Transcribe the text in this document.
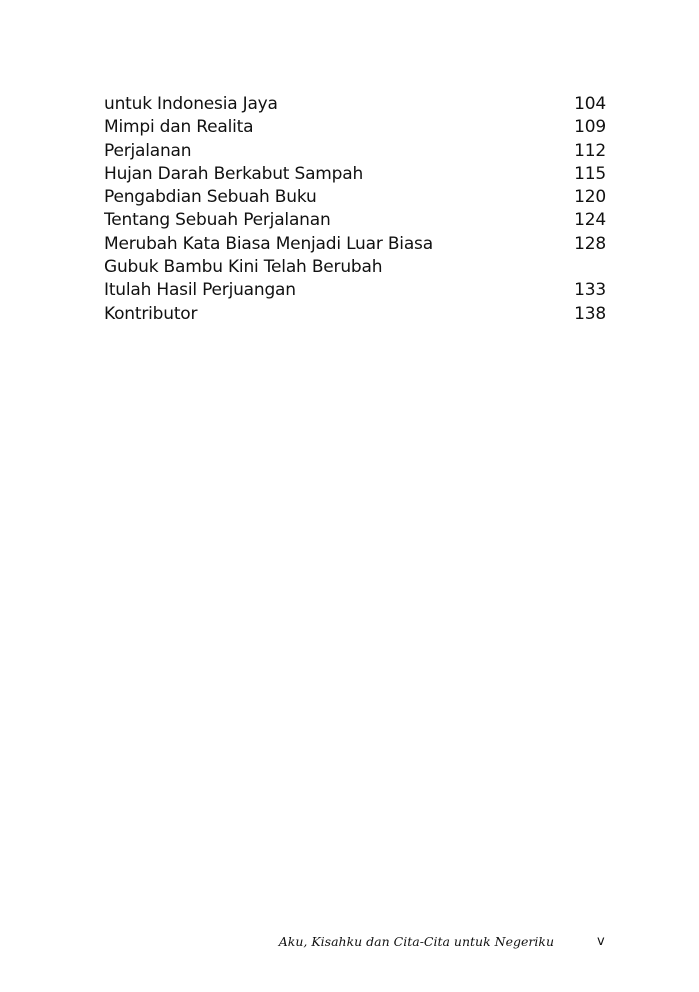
untuk Indonesia Jaya	104
Mimpi dan Realita	109
Perjalanan	112
Hujan Darah Berkabut Sampah	115
Pengabdian Sebuah Buku	120
Tentang Sebuah Perjalanan	124
Merubah Kata Biasa Menjadi Luar Biasa	128
Gubuk Bambu Kini Telah Berubah
Itulah Hasil Perjuangan	133
Kontributor	138
Aku, Kisahku dan Cita-Cita untuk Negeriku	v
